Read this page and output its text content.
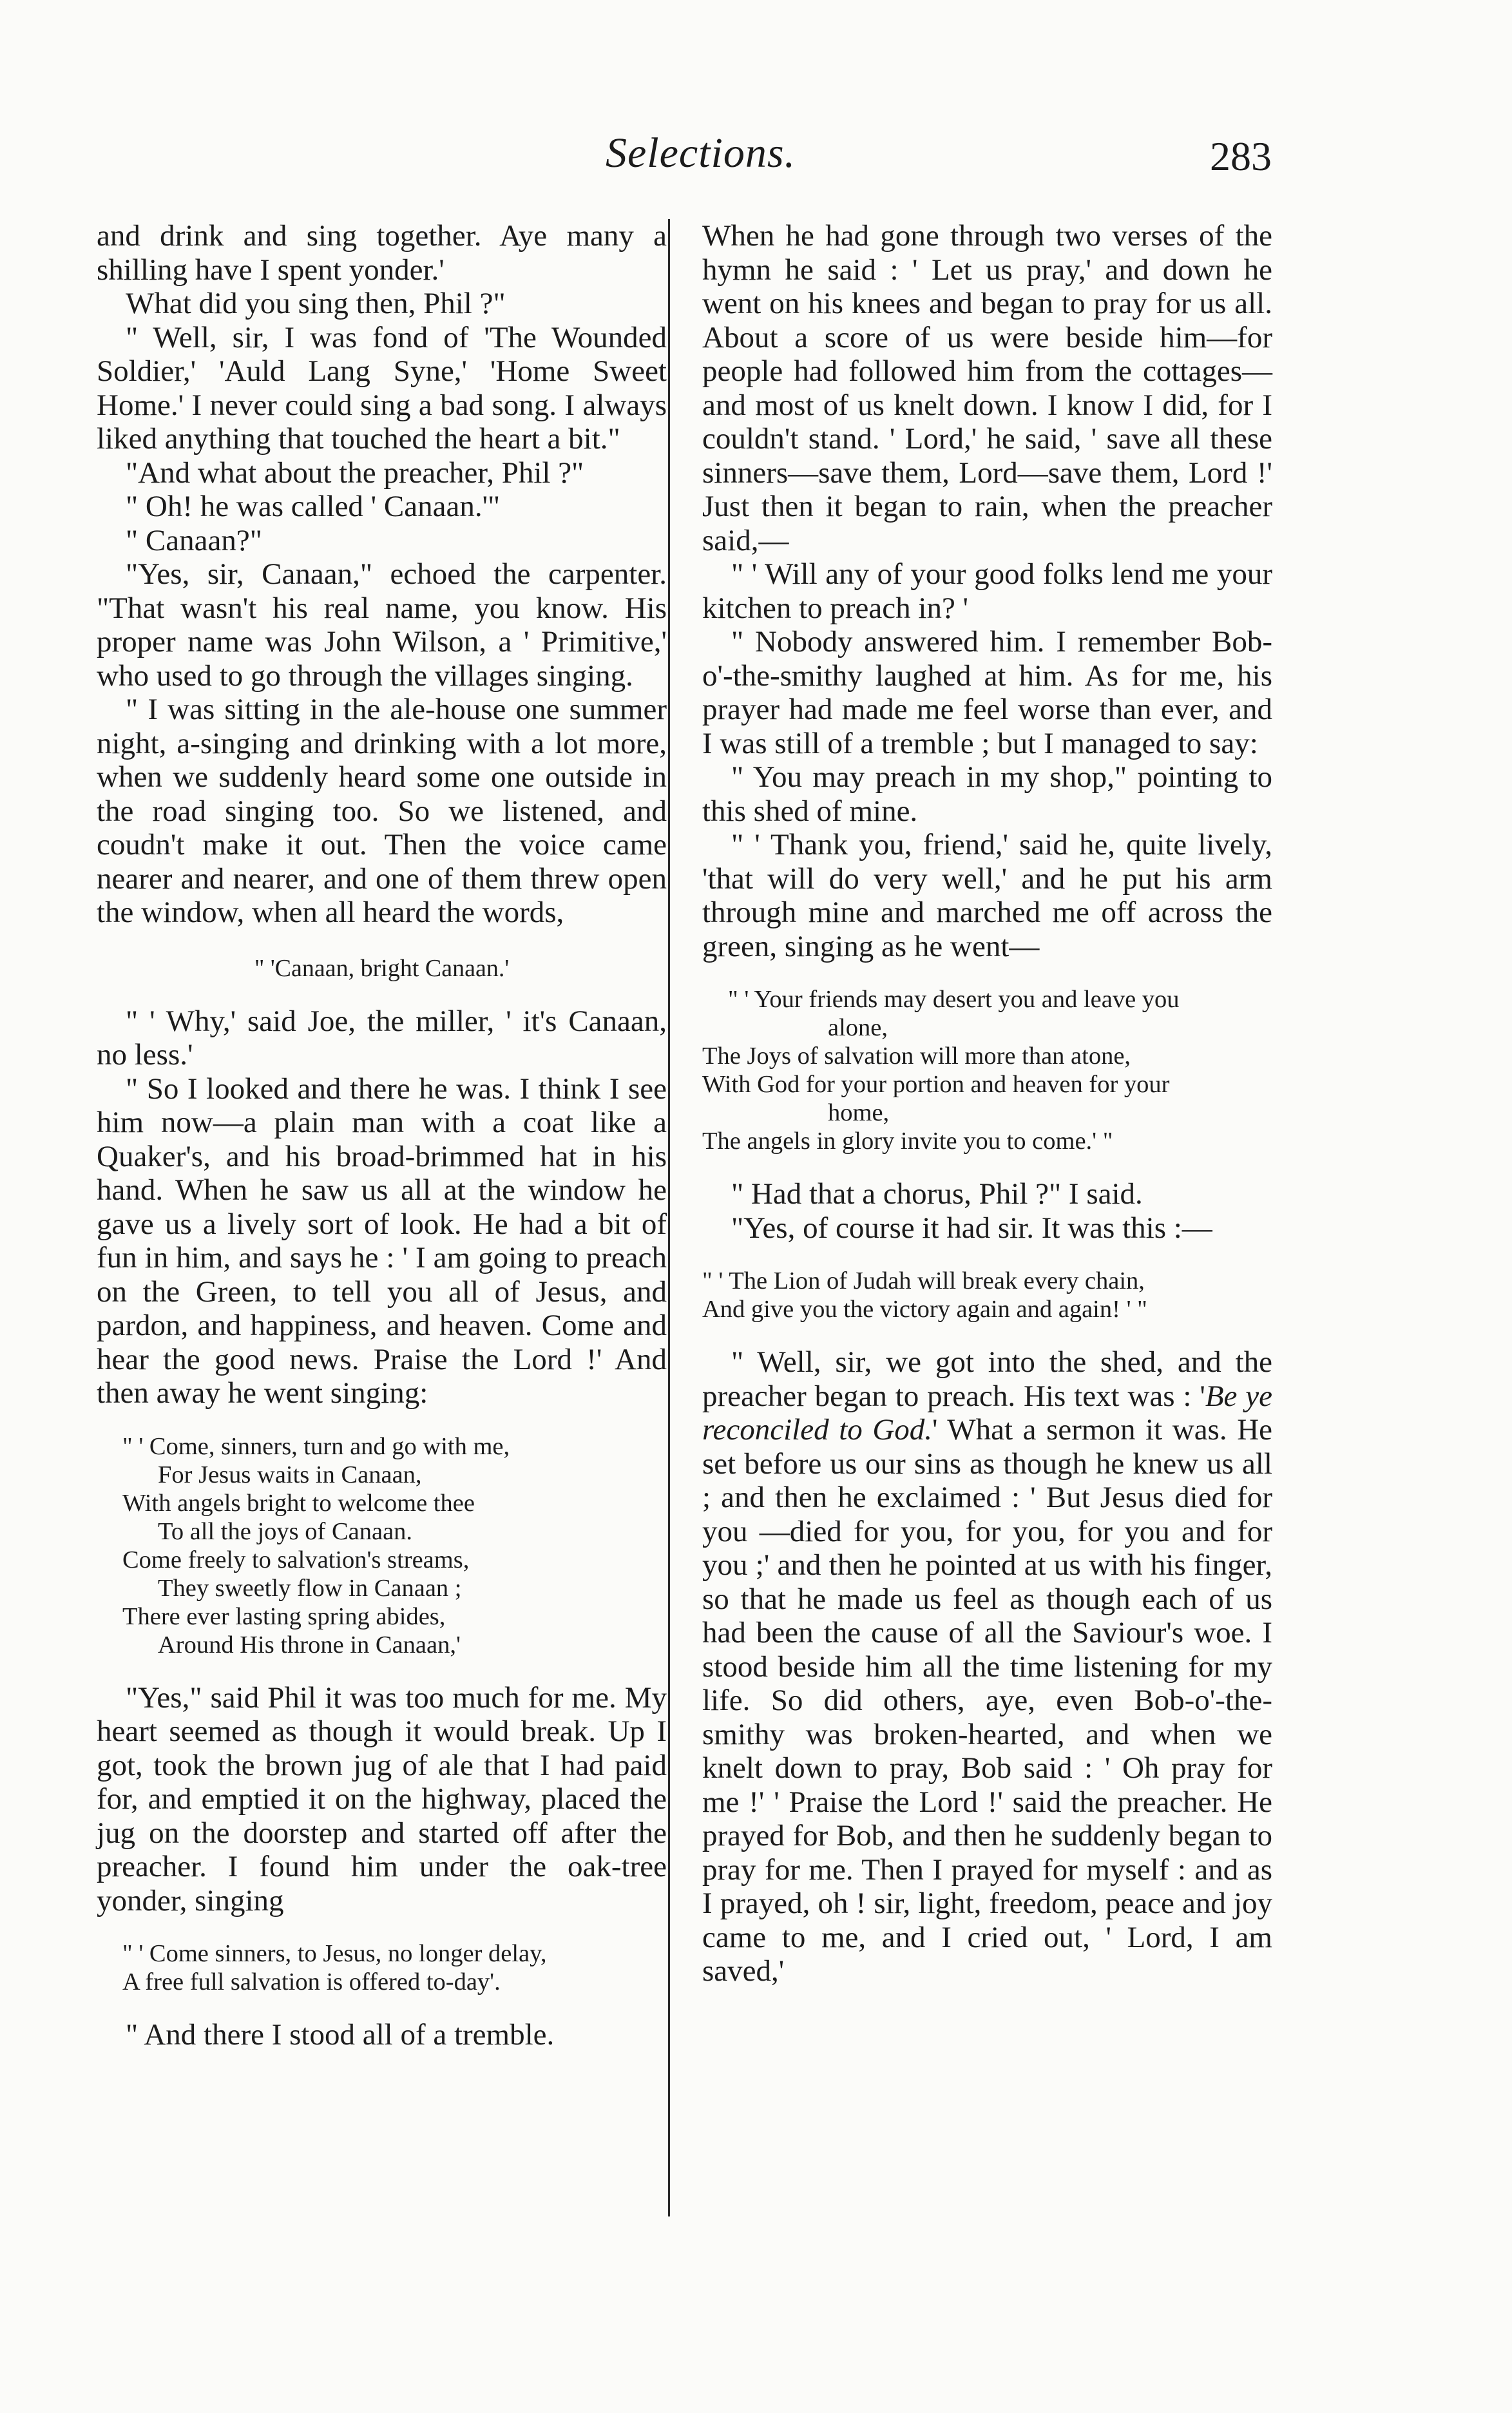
Selections.	283

and drink and sing together. Aye many a shilling have I spent yonder.'

What did you sing then, Phil ?"

" Well, sir, I was fond of 'The Wounded Soldier,' 'Auld Lang Syne,' 'Home Sweet Home.' I never could sing a bad song. I always liked anything that touched the heart a bit."

"And what about the preacher, Phil ?"

" Oh! he was called ' Canaan.'"

" Canaan?"

"Yes, sir, Canaan," echoed the carpenter. "That wasn't his real name, you know. His proper name was John Wilson, a ' Primitive,' who used to go through the villages singing.

" I was sitting in the ale-house one summer night, a-singing and drinking with a lot more, when we suddenly heard some one outside in the road singing too. So we listened, and coudn't make it out. Then the voice came nearer and nearer, and one of them threw open the window, when all heard the words,

" 'Canaan, bright Canaan.'

" ' Why,' said Joe, the miller, ' it's Canaan, no less.'

" So I looked and there he was. I think I see him now—a plain man with a coat like a Quaker's, and his broad-brimmed hat in his hand. When he saw us all at the window he gave us a lively sort of look. He had a bit of fun in him, and says he : ' I am going to preach on the Green, to tell you all of Jesus, and pardon, and happiness, and heaven. Come and hear the good news. Praise the Lord !' And then away he went singing:

" ' Come, sinners, turn and go with me,
For Jesus waits in Canaan,
With angels bright to welcome thee
To all the joys of Canaan.
Come freely to salvation's streams,
They sweetly flow in Canaan ;
There ever lasting spring abides,
Around His throne in Canaan,'

"Yes," said Phil it was too much for me. My heart seemed as though it would break. Up I got, took the brown jug of ale that I had paid for, and emptied it on the highway, placed the jug on the doorstep and started off after the preacher. I found him under the oak-tree yonder, singing

" ' Come sinners, to Jesus, no longer delay,
A free full salvation is offered to-day'.

" And there I stood all of a tremble.

When he had gone through two verses of the hymn he said : ' Let us pray,' and down he went on his knees and began to pray for us all. About a score of us were beside him—for people had followed him from the cottages—and most of us knelt down. I know I did, for I couldn't stand. ' Lord,' he said, ' save all these sinners—save them, Lord—save them, Lord !' Just then it began to rain, when the preacher said,—

" ' Will any of your good folks lend me your kitchen to preach in? '

" Nobody answered him. I remember Bob-o'-the-smithy laughed at him. As for me, his prayer had made me feel worse than ever, and I was still of a tremble ; but I managed to say:

" You may preach in my shop," pointing to this shed of mine.

" ' Thank you, friend,' said he, quite lively, 'that will do very well,' and he put his arm through mine and marched me off across the green, singing as he went—

" ' Your friends may desert you and leave you
alone,
The Joys of salvation will more than atone,
With God for your portion and heaven for your
home,
The angels in glory invite you to come.' "

" Had that a chorus, Phil ?" I said.

"Yes, of course it had sir. It was this :—

" ' The Lion of Judah will break every chain,
And give you the victory again and again! ' "

" Well, sir, we got into the shed, and the preacher began to preach. His text was : 'Be ye reconciled to God.' What a sermon it was. He set before us our sins as though he knew us all ; and then he exclaimed : ' But Jesus died for you —died for you, for you, for you and for you ;' and then he pointed at us with his finger, so that he made us feel as though each of us had been the cause of all the Saviour's woe. I stood beside him all the time listening for my life. So did others, aye, even Bob-o'-the-smithy was broken-hearted, and when we knelt down to pray, Bob said : ' Oh pray for me !' ' Praise the Lord !' said the preacher. He prayed for Bob, and then he suddenly began to pray for me. Then I prayed for myself : and as I prayed, oh ! sir, light, freedom, peace and joy came to me, and I cried out, ' Lord, I am saved,'
